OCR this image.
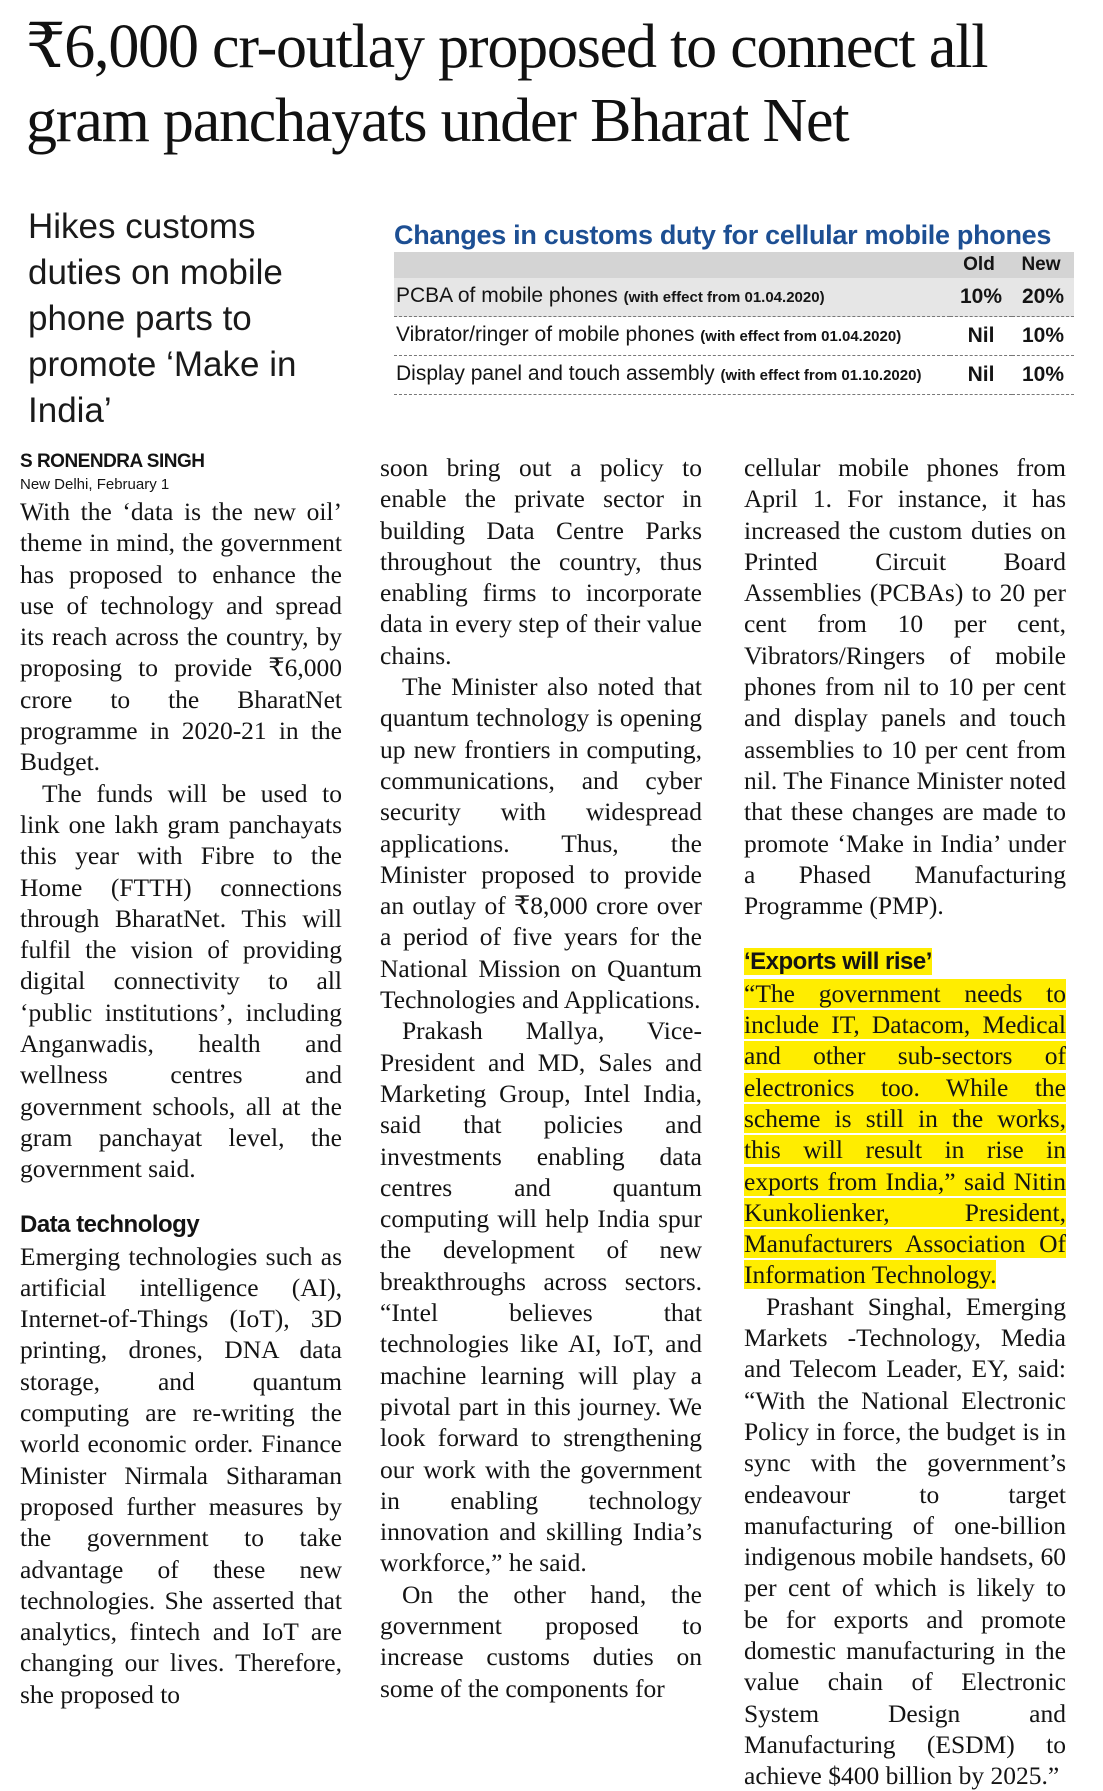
₹6,000 cr-outlay proposed to connect all gram panchayats under Bharat Net

Hikes customs duties on mobile phone parts to promote ‘Make in India’

Changes in customs duty for cellular mobile phones
	Old	New
PCBA of mobile phones (with effect from 01.04.2020)	10%	20%
Vibrator/ringer of mobile phones (with effect from 01.04.2020)	Nil	10%
Display panel and touch assembly (with effect from 01.10.2020)	Nil	10%
S RONENDRA SINGH
New Delhi, February 1

With the ‘data is the new oil’ theme in mind, the government has proposed to enhance the use of technology and spread its reach across the country, by proposing to provide ₹6,000 crore to the BharatNet programme in 2020-21 in the Budget.

The funds will be used to link one lakh gram panchayats this year with Fibre to the Home (FTTH) connections through BharatNet. This will fulfil the vision of providing digital connectivity to all ‘public institutions’, including Anganwadis, health and wellness centres and government schools, all at the gram panchayat level, the government said.

Data technology

Emerging technologies such as artificial intelligence (AI), Internet-of-Things (IoT), 3D printing, drones, DNA data storage, and quantum computing are re-writing the world economic order. Finance Minister Nirmala Sitharaman proposed further measures by the government to take advantage of these new technologies. She asserted that analytics, fintech and IoT are changing our lives. Therefore, she proposed to

soon bring out a policy to enable the private sector in building Data Centre Parks throughout the country, thus enabling firms to incorporate data in every step of their value chains.

The Minister also noted that quantum technology is opening up new frontiers in computing, communications, and cyber security with widespread applications. Thus, the Minister proposed to provide an outlay of ₹8,000 crore over a period of five years for the National Mission on Quantum Technologies and Applications.

Prakash Mallya, Vice-President and MD, Sales and Marketing Group, Intel India, said that policies and investments enabling data centres and quantum computing will help India spur the development of new breakthroughs across sectors. “Intel believes that technologies like AI, IoT, and machine learning will play a pivotal part in this journey. We look forward to strengthening our work with the government in enabling technology innovation and skilling India’s workforce,” he said.

On the other hand, the government proposed to increase customs duties on some of the components for

cellular mobile phones from April 1. For instance, it has increased the custom duties on Printed Circuit Board Assemblies (PCBAs) to 20 per cent from 10 per cent, Vibrators/Ringers of mobile phones from nil to 10 per cent and display panels and touch assemblies to 10 per cent from nil. The Finance Minister noted that these changes are made to promote ‘Make in India’ under a Phased Manufacturing Programme (PMP).

‘Exports will rise’

“The government needs to include IT, Datacom, Medical and other sub-sectors of electronics too. While the scheme is still in the works, this will result in rise in exports from India,” said Nitin Kunkolienker, President, Manufacturers Association Of Information Technology.

Prashant Singhal, Emerging Markets -Technology, Media and Telecom Leader, EY, said: “With the National Electronic Policy in force, the budget is in sync with the government’s endeavour to target manufacturing of one-billion indigenous mobile handsets, 60 per cent of which is likely to be for exports and promote domestic manufacturing in the value chain of Electronic System Design and Manufacturing (ESDM) to achieve $400 billion by 2025.”
